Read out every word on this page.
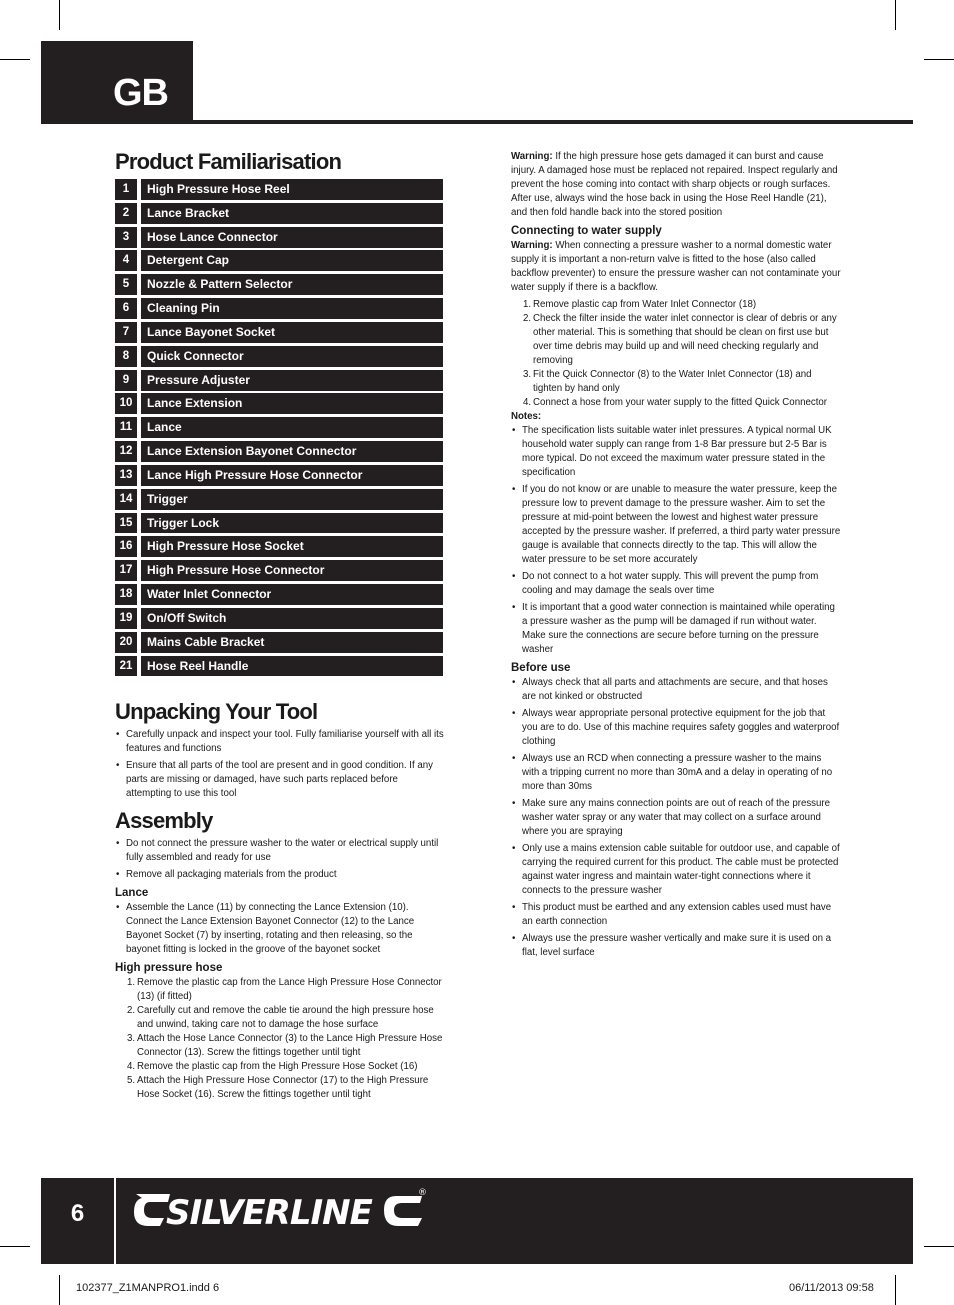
GB
Product Familiarisation
1	High Pressure Hose Reel
2	Lance Bracket
3	Hose Lance Connector
4	Detergent Cap
5	Nozzle & Pattern Selector
6	Cleaning Pin
7	Lance Bayonet Socket
8	Quick Connector
9	Pressure Adjuster
10	Lance Extension
11	Lance
12	Lance Extension Bayonet Connector
13	Lance High Pressure Hose Connector
14	Trigger
15	Trigger Lock
16	High Pressure Hose Socket
17	High Pressure Hose Connector
18	Water Inlet Connector
19	On/Off Switch
20	Mains Cable Bracket
21	Hose Reel Handle
Unpacking Your Tool
• Carefully unpack and inspect your tool. Fully familiarise yourself with all its features and functions
• Ensure that all parts of the tool are present and in good condition. If any parts are missing or damaged, have such parts replaced before attempting to use this tool
Assembly
• Do not connect the pressure washer to the water or electrical supply until fully assembled and ready for use
• Remove all packaging materials from the product
Lance
• Assemble the Lance (11) by connecting the Lance Extension (10). Connect the Lance Extension Bayonet Connector (12) to the Lance Bayonet Socket (7) by inserting, rotating and then releasing, so the bayonet fitting is locked in the groove of the bayonet socket
High pressure hose
1. Remove the plastic cap from the Lance High Pressure Hose Connector (13) (if fitted)
2. Carefully cut and remove the cable tie around the high pressure hose and unwind, taking care not to damage the hose surface
3. Attach the Hose Lance Connector (3) to the Lance High Pressure Hose Connector (13). Screw the fittings together until tight
4. Remove the plastic cap from the High Pressure Hose Socket (16)
5. Attach the High Pressure Hose Connector (17) to the High Pressure Hose Socket (16). Screw the fittings together until tight

Warning: If the high pressure hose gets damaged it can burst and cause injury. A damaged hose must be replaced not repaired. Inspect regularly and prevent the hose coming into contact with sharp objects or rough surfaces. After use, always wind the hose back in using the Hose Reel Handle (21), and then fold handle back into the stored position

Connecting to water supply

Warning: When connecting a pressure washer to a normal domestic water supply it is important a non-return valve is fitted to the hose (also called backflow preventer) to ensure the pressure washer can not contaminate your water supply if there is a backflow.

1. Remove plastic cap from Water Inlet Connector (18)
2. Check the filter inside the water inlet connector is clear of debris or any other material. This is something that should be clean on first use but over time debris may build up and will need checking regularly and removing
3. Fit the Quick Connector (8) to the Water Inlet Connector (18) and tighten by hand only
4. Connect a hose from your water supply to the fitted Quick Connector
Notes:
• The specification lists suitable water inlet pressures. A typical normal UK household water supply can range from 1-8 Bar pressure but 2-5 Bar is more typical. Do not exceed the maximum water pressure stated in the specification
• If you do not know or are unable to measure the water pressure, keep the pressure low to prevent damage to the pressure washer. Aim to set the pressure at mid-point between the lowest and highest water pressure accepted by the pressure washer. If preferred, a third party water pressure gauge is available that connects directly to the tap. This will allow the water pressure to be set more accurately
• Do not connect to a hot water supply. This will prevent the pump from cooling and may damage the seals over time
• It is important that a good water connection is maintained while operating a pressure washer as the pump will be damaged if run without water. Make sure the connections are secure before turning on the pressure washer
Before use
• Always check that all parts and attachments are secure, and that hoses are not kinked or obstructed
• Always wear appropriate personal protective equipment for the job that you are to do. Use of this machine requires safety goggles and waterproof clothing
• Always use an RCD when connecting a pressure washer to the mains with a tripping current no more than 30mA and a delay in operating of no more than 30ms
• Make sure any mains connection points are out of reach of the pressure washer water spray or any water that may collect on a surface around where you are spraying
• Only use a mains extension cable suitable for outdoor use, and capable of carrying the required current for this product. The cable must be protected against water ingress and maintain water-tight connections where it connects to the pressure washer
• This product must be earthed and any extension cables used must have an earth connection
• Always use the pressure washer vertically and make sure it is used on a flat, level surface
6	SILVERLINE	®
102377_Z1MANPRO1.indd 6	06/11/2013 09:58
